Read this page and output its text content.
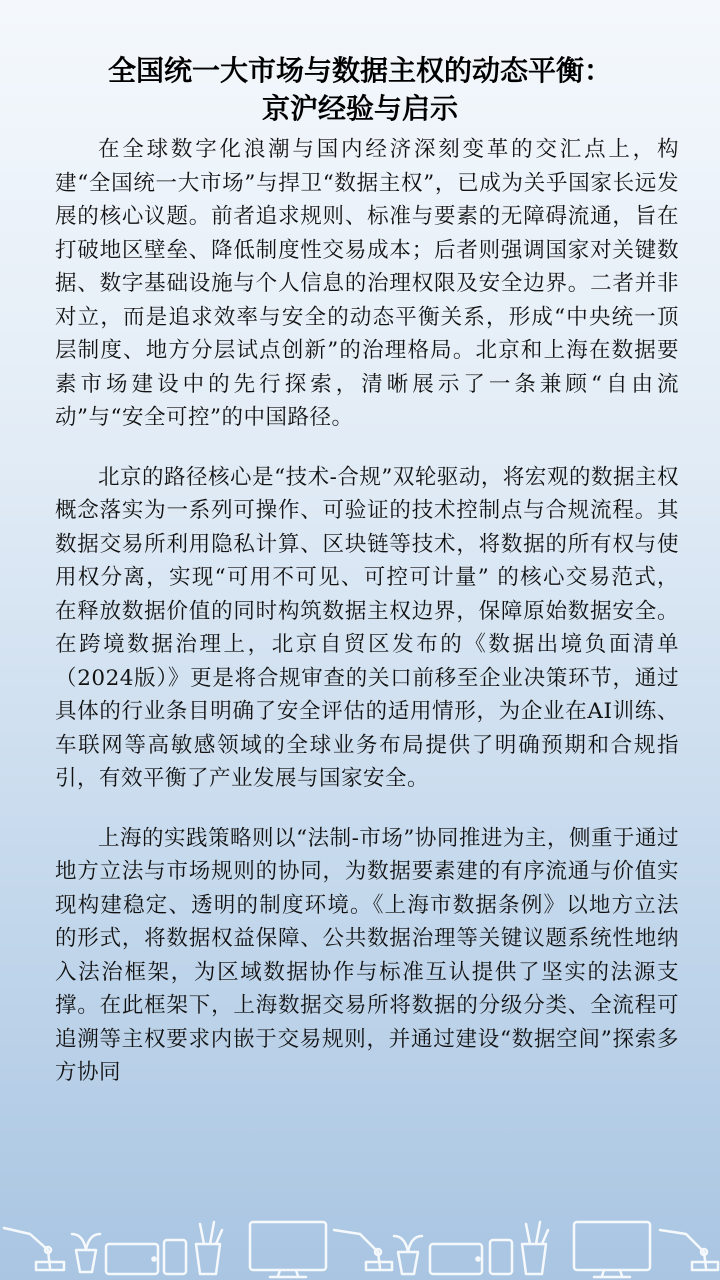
全国统一大市场与数据主权的动态平衡：
京沪经验与启示

在全球数字化浪潮与国内经济深刻变革的交汇点上，构建“全国统一大市场”与捍卫“数据主权”，已成为关乎国家长远发展的核心议题。前者追求规则、标准与要素的无障碍流通，旨在打破地区壁垒、降低制度性交易成本；后者则强调国家对关键数据、数字基础设施与个人信息的治理权限及安全边界。二者并非对立，而是追求效率与安全的动态平衡关系，形成“中央统一顶层制度、地方分层试点创新”的治理格局。北京和上海在数据要素市场建设中的先行探索，清晰展示了一条兼顾“自由流动”与“安全可控”的中国路径。

北京的路径核心是“技术-合规”双轮驱动，将宏观的数据主权概念落实为一系列可操作、可验证的技术控制点与合规流程。其数据交易所利用隐私计算、区块链等技术，将数据的所有权与使用权分离，实现“可用不可见、可控可计量” 的核心交易范式，在释放数据价值的同时构筑数据主权边界，保障原始数据安全。在跨境数据治理上，北京自贸区发布的《数据出境负面清单（2024版）》更是将合规审查的关口前移至企业决策环节，通过具体的行业条目明确了安全评估的适用情形，为企业在AI训练、车联网等高敏感领域的全球业务布局提供了明确预期和合规指引，有效平衡了产业发展与国家安全。

上海的实践策略则以“法制-市场”协同推进为主，侧重于通过地方立法与市场规则的协同，为数据要素建的有序流通与价值实现构建稳定、透明的制度环境。《上海市数据条例》以地方立法的形式，将数据权益保障、公共数据治理等关键议题系统性地纳入法治框架，为区域数据协作与标准互认提供了坚实的法源支撑。在此框架下，上海数据交易所将数据的分级分类、全流程可追溯等主权要求内嵌于交易规则，并通过建设“数据空间”探索多方协同
